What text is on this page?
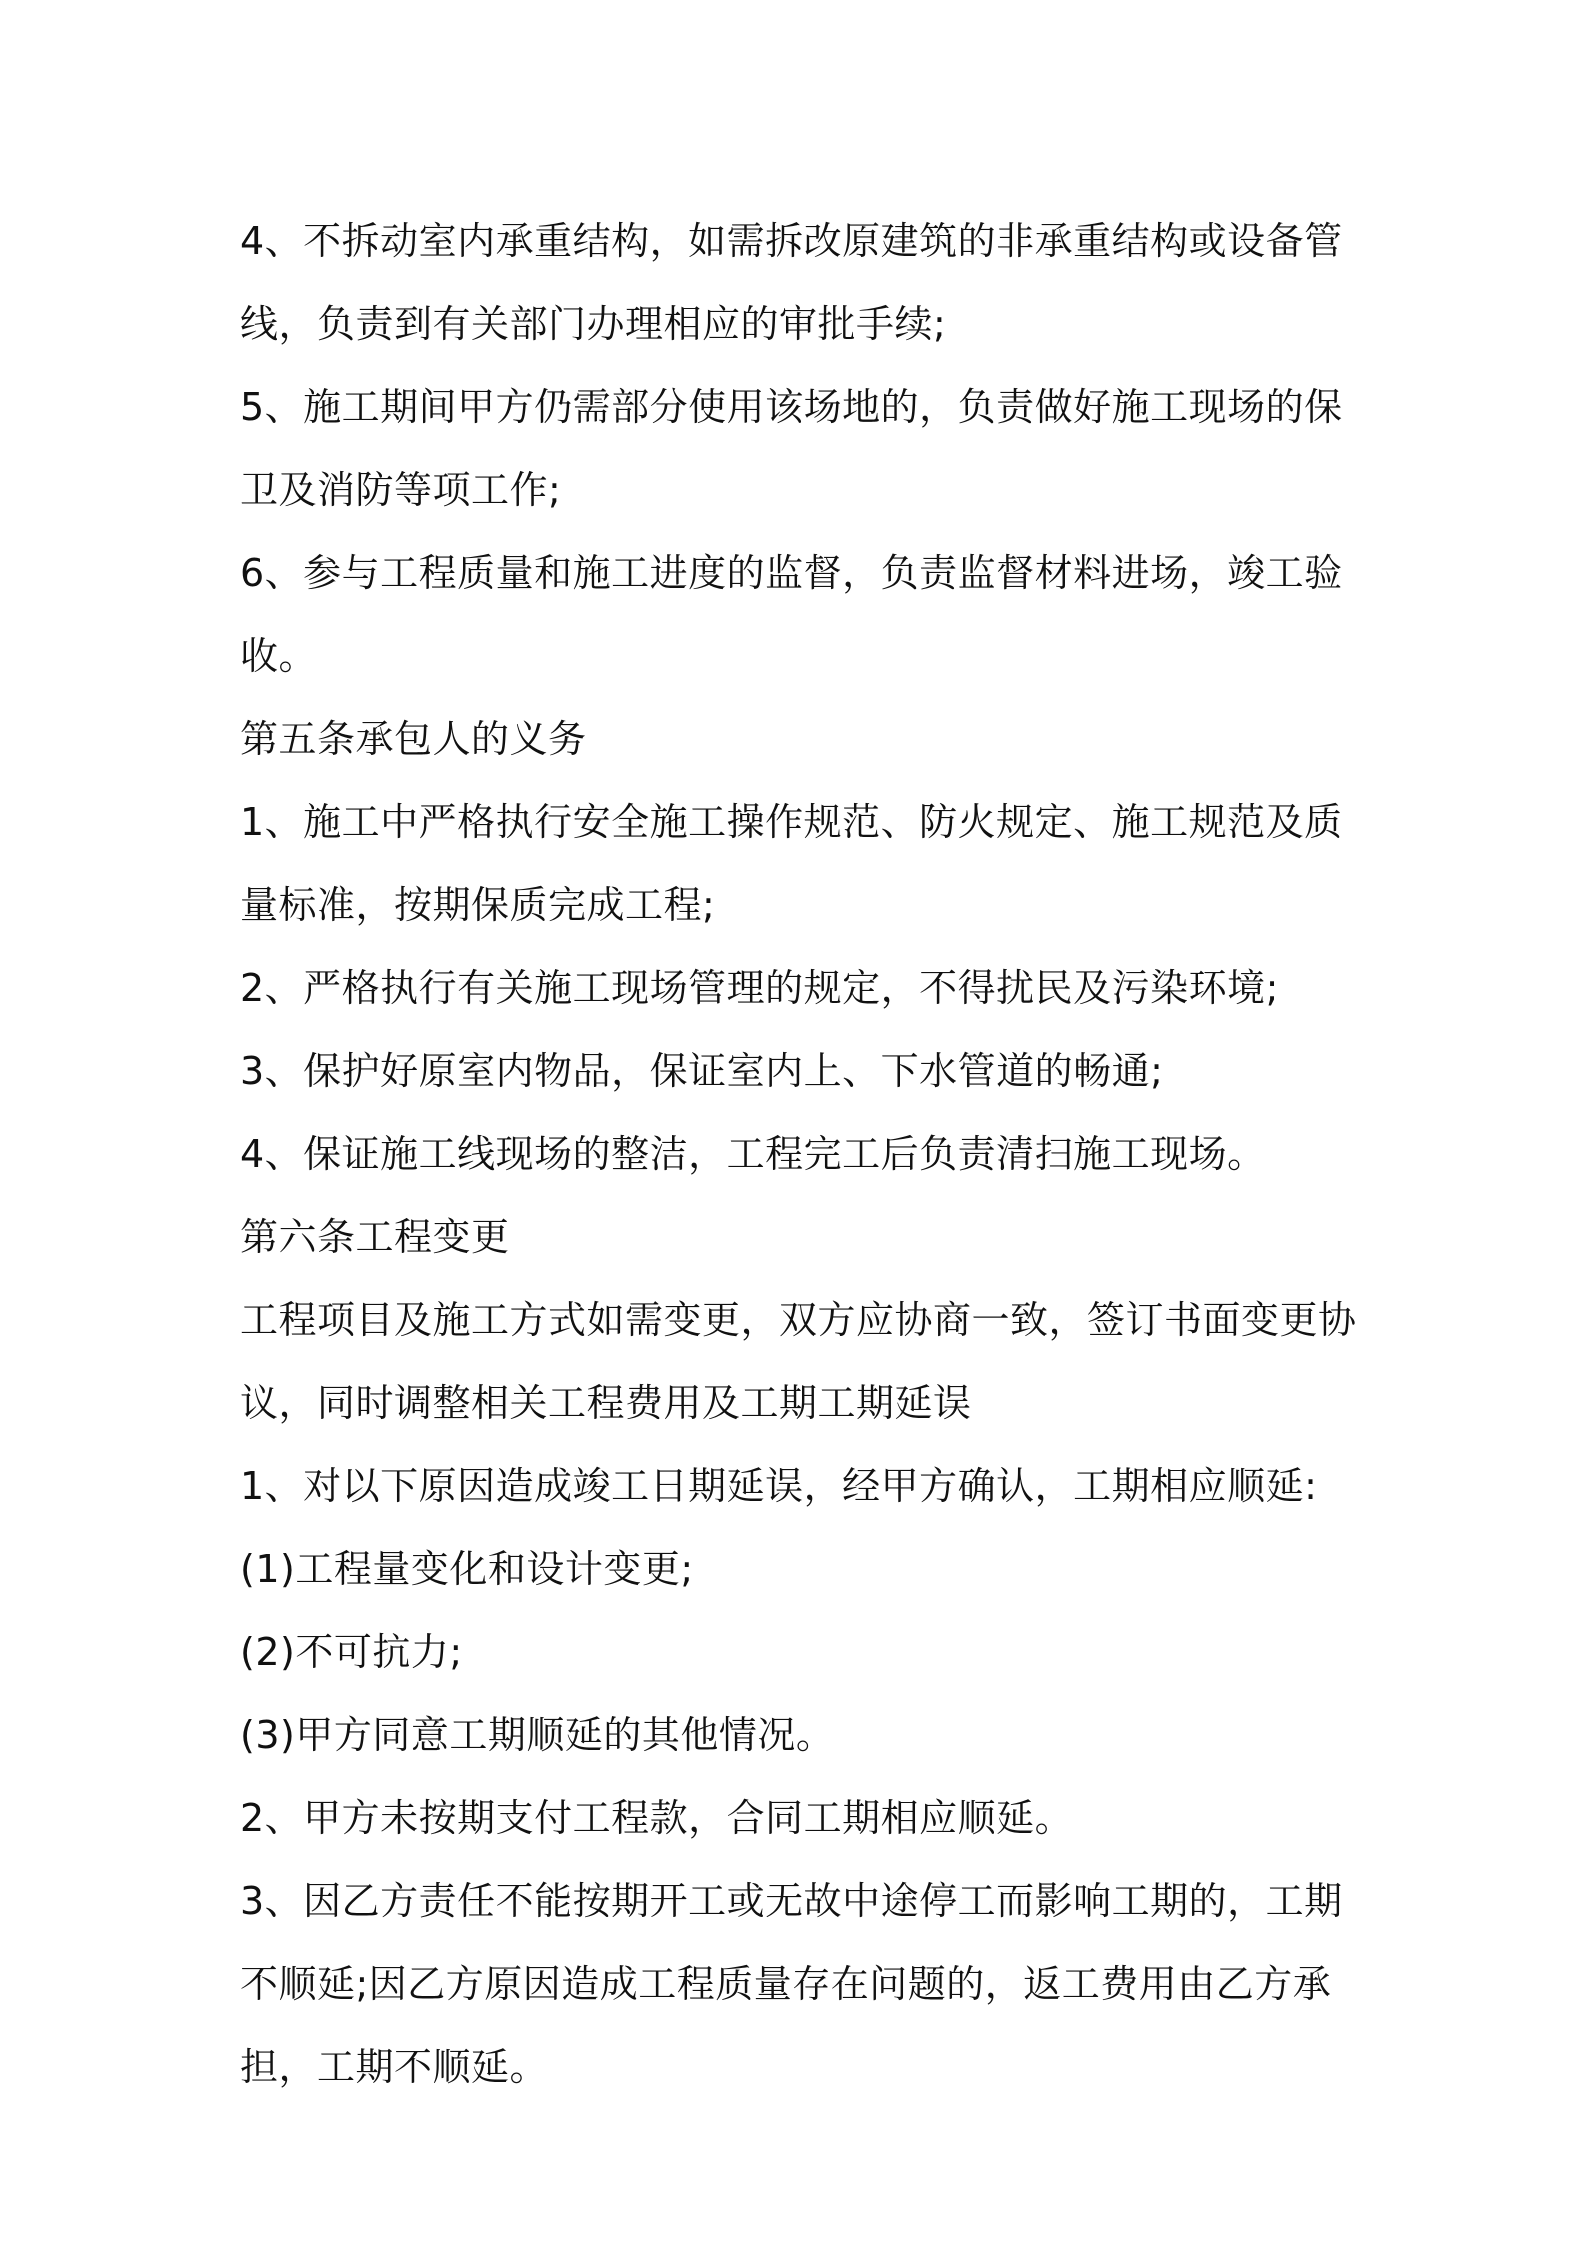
4、不拆动室内承重结构，如需拆改原建筑的非承重结构或设备管线，负责到有关部门办理相应的审批手续;

5、施工期间甲方仍需部分使用该场地的，负责做好施工现场的保卫及消防等项工作;

6、参与工程质量和施工进度的监督，负责监督材料进场，竣工验收。

第五条承包人的义务

1、施工中严格执行安全施工操作规范、防火规定、施工规范及质量标准，按期保质完成工程;

2、严格执行有关施工现场管理的规定，不得扰民及污染环境;

3、保护好原室内物品，保证室内上、下水管道的畅通;

4、保证施工线现场的整洁，工程完工后负责清扫施工现场。

第六条工程变更

工程项目及施工方式如需变更，双方应协商一致，签订书面变更协议，同时调整相关工程费用及工期工期延误

1、对以下原因造成竣工日期延误，经甲方确认，工期相应顺延:

(1)工程量变化和设计变更;

(2)不可抗力;

(3)甲方同意工期顺延的其他情况。

2、甲方未按期支付工程款，合同工期相应顺延。

3、因乙方责任不能按期开工或无故中途停工而影响工期的，工期不顺延;因乙方原因造成工程质量存在问题的，返工费用由乙方承担，工期不顺延。
